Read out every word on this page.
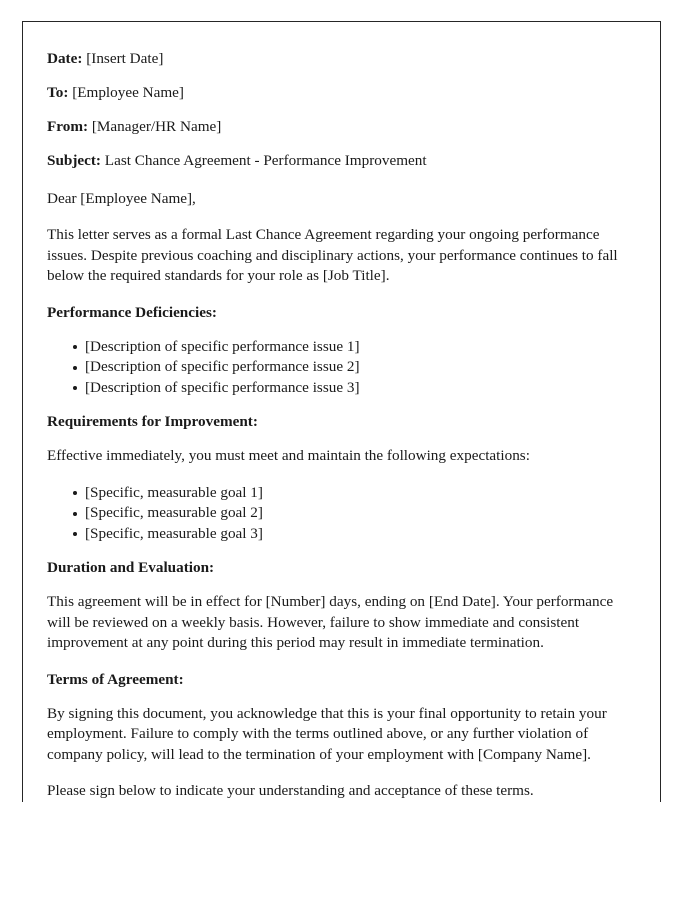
Date: [Insert Date]
To: [Employee Name]
From: [Manager/HR Name]
Subject: Last Chance Agreement - Performance Improvement
Dear [Employee Name],

This letter serves as a formal Last Chance Agreement regarding your ongoing performance issues. Despite previous coaching and disciplinary actions, your performance continues to fall below the required standards for your role as [Job Title].

Performance Deficiencies:
[Description of specific performance issue 1]
[Description of specific performance issue 2]
[Description of specific performance issue 3]
Requirements for Improvement:

Effective immediately, you must meet and maintain the following expectations:

[Specific, measurable goal 1]
[Specific, measurable goal 2]
[Specific, measurable goal 3]
Duration and Evaluation:

This agreement will be in effect for [Number] days, ending on [End Date]. Your performance will be reviewed on a weekly basis. However, failure to show immediate and consistent improvement at any point during this period may result in immediate termination.

Terms of Agreement:

By signing this document, you acknowledge that this is your final opportunity to retain your employment. Failure to comply with the terms outlined above, or any further violation of company policy, will lead to the termination of your employment with [Company Name].

Please sign below to indicate your understanding and acceptance of these terms.
